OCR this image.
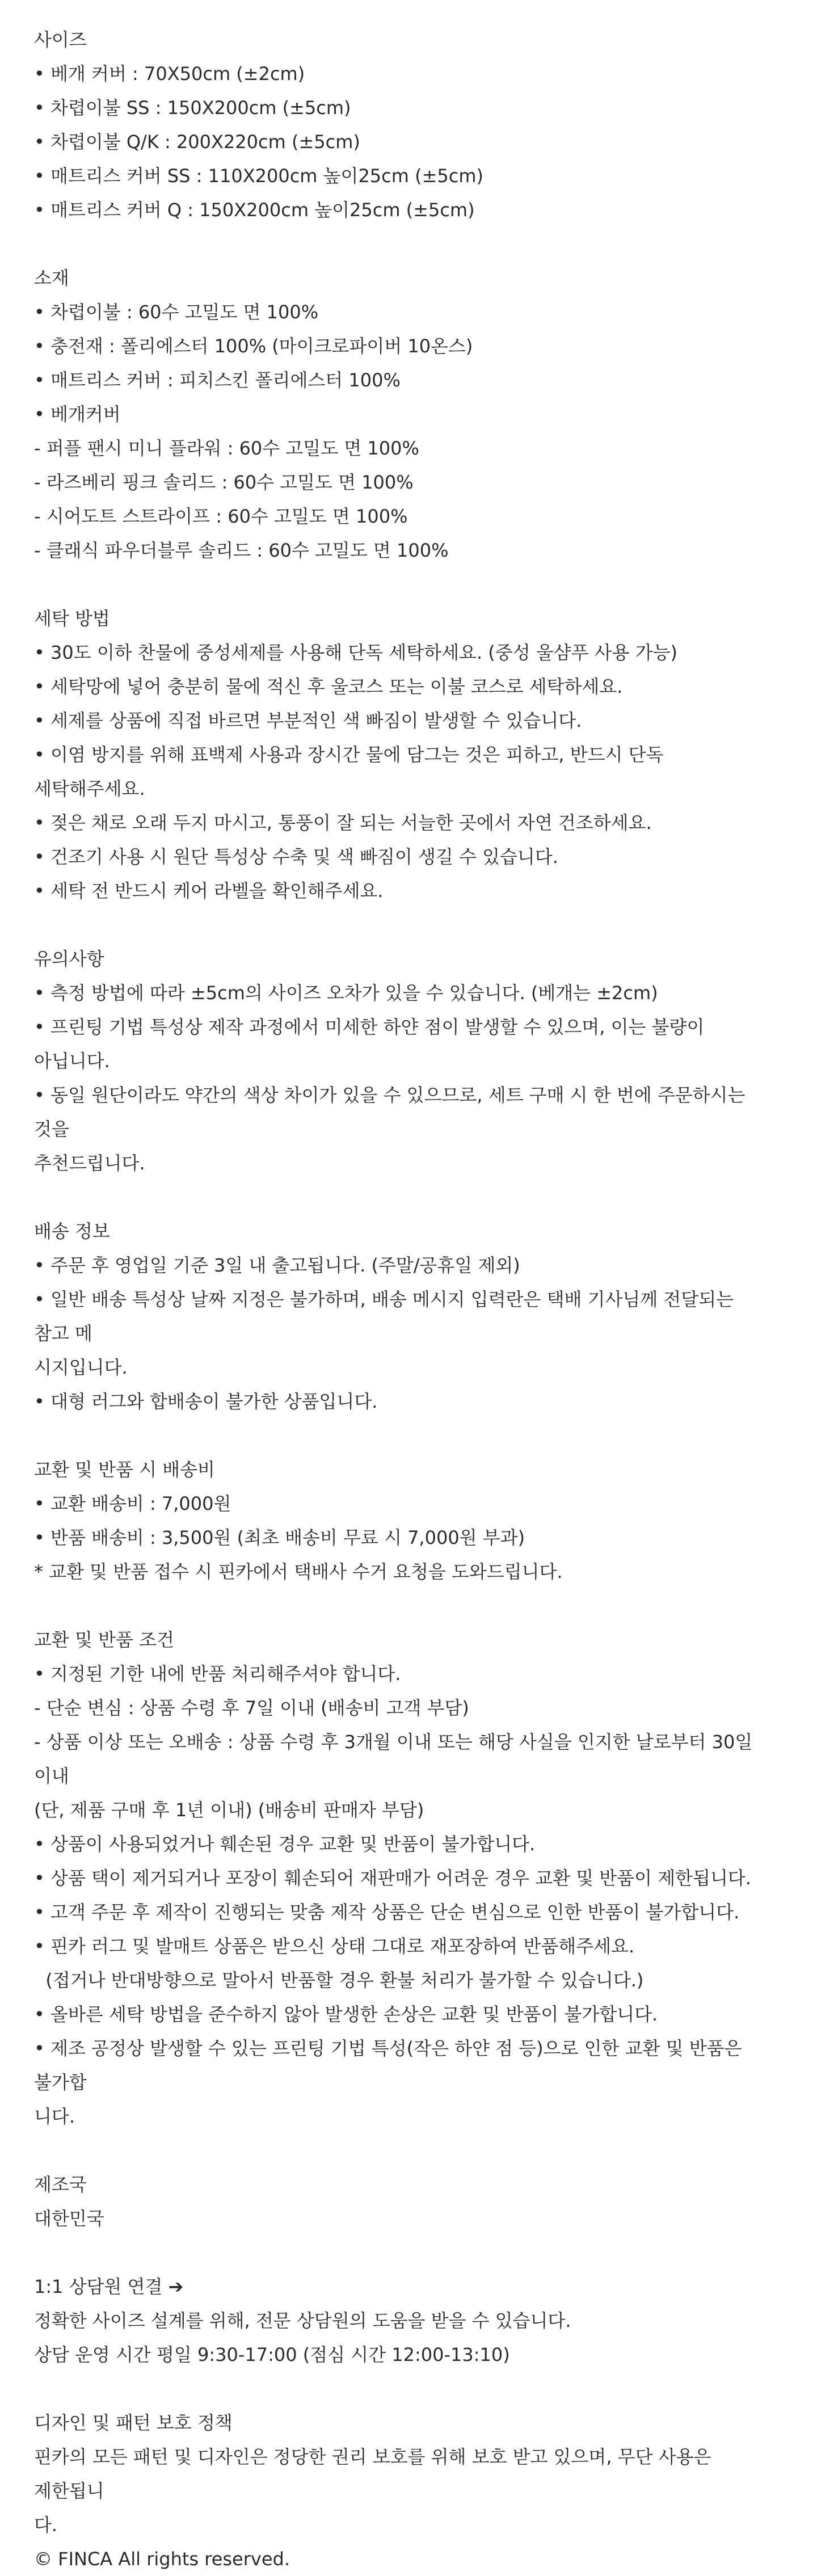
사이즈

• 베개 커버 : 70X50cm (±2cm)

• 차렵이불 SS : 150X200cm (±5cm)

• 차렵이불 Q/K : 200X220cm (±5cm)

• 매트리스 커버 SS : 110X200cm 높이25cm (±5cm)

• 매트리스 커버 Q : 150X200cm 높이25cm (±5cm)

소재

• 차렵이불 : 60수 고밀도 면 100%

• 충전재 : 폴리에스터 100% (마이크로파이버 10온스)

• 매트리스 커버 : 피치스킨 폴리에스터 100%

• 베개커버

- 퍼플 팬시 미니 플라워 : 60수 고밀도 면 100%

- 라즈베리 핑크 솔리드 : 60수 고밀도 면 100%

- 시어도트 스트라이프 : 60수 고밀도 면 100%

- 클래식 파우더블루 솔리드 : 60수 고밀도 면 100%

세탁 방법

• 30도 이하 찬물에 중성세제를 사용해 단독 세탁하세요. (중성 울샴푸 사용 가능)

• 세탁망에 넣어 충분히 물에 적신 후 울코스 또는 이불 코스로 세탁하세요.

• 세제를 상품에 직접 바르면 부분적인 색 빠짐이 발생할 수 있습니다.

• 이염 방지를 위해 표백제 사용과 장시간 물에 담그는 것은 피하고, 반드시 단독 세탁해주세요.

• 젖은 채로 오래 두지 마시고, 통풍이 잘 되는 서늘한 곳에서 자연 건조하세요.

• 건조기 사용 시 원단 특성상 수축 및 색 빠짐이 생길 수 있습니다.

• 세탁 전 반드시 케어 라벨을 확인해주세요.

유의사항

• 측정 방법에 따라 ±5cm의 사이즈 오차가 있을 수 있습니다. (베개는 ±2cm)

• 프린팅 기법 특성상 제작 과정에서 미세한 하얀 점이 발생할 수 있으며, 이는 불량이 아닙니다.

• 동일 원단이라도 약간의 색상 차이가 있을 수 있으므로, 세트 구매 시 한 번에 주문하시는 것을

추천드립니다.

배송 정보

• 주문 후 영업일 기준 3일 내 출고됩니다. (주말/공휴일 제외)

• 일반 배송 특성상 날짜 지정은 불가하며, 배송 메시지 입력란은 택배 기사님께 전달되는 참고 메

시지입니다.

• 대형 러그와 합배송이 불가한 상품입니다.

교환 및 반품 시 배송비

• 교환 배송비 : 7,000원

• 반품 배송비 : 3,500원 (최초 배송비 무료 시 7,000원 부과)

* 교환 및 반품 접수 시 핀카에서 택배사 수거 요청을 도와드립니다.

교환 및 반품 조건

• 지정된 기한 내에 반품 처리해주셔야 합니다.

- 단순 변심 : 상품 수령 후 7일 이내 (배송비 고객 부담)

- 상품 이상 또는 오배송 : 상품 수령 후 3개월 이내 또는 해당 사실을 인지한 날로부터 30일 이내

(단, 제품 구매 후 1년 이내) (배송비 판매자 부담)

• 상품이 사용되었거나 훼손된 경우 교환 및 반품이 불가합니다.

• 상품 택이 제거되거나 포장이 훼손되어 재판매가 어려운 경우 교환 및 반품이 제한됩니다.

• 고객 주문 후 제작이 진행되는 맞춤 제작 상품은 단순 변심으로 인한 반품이 불가합니다.

• 핀카 러그 및 발매트 상품은 받으신 상태 그대로 재포장하여 반품해주세요.

(접거나 반대방향으로 말아서 반품할 경우 환불 처리가 불가할 수 있습니다.)

• 올바른 세탁 방법을 준수하지 않아 발생한 손상은 교환 및 반품이 불가합니다.

• 제조 공정상 발생할 수 있는 프린팅 기법 특성(작은 하얀 점 등)으로 인한 교환 및 반품은 불가합

니다.

제조국

대한민국

1:1 상담원 연결 ➔

정확한 사이즈 설계를 위해, 전문 상담원의 도움을 받을 수 있습니다.

상담 운영 시간 평일 9:30-17:00 (점심 시간 12:00-13:10)

디자인 및 패턴 보호 정책

핀카의 모든 패턴 및 디자인은 정당한 권리 보호를 위해 보호 받고 있으며, 무단 사용은 제한됩니

다.

© FINCA All rights reserved.
